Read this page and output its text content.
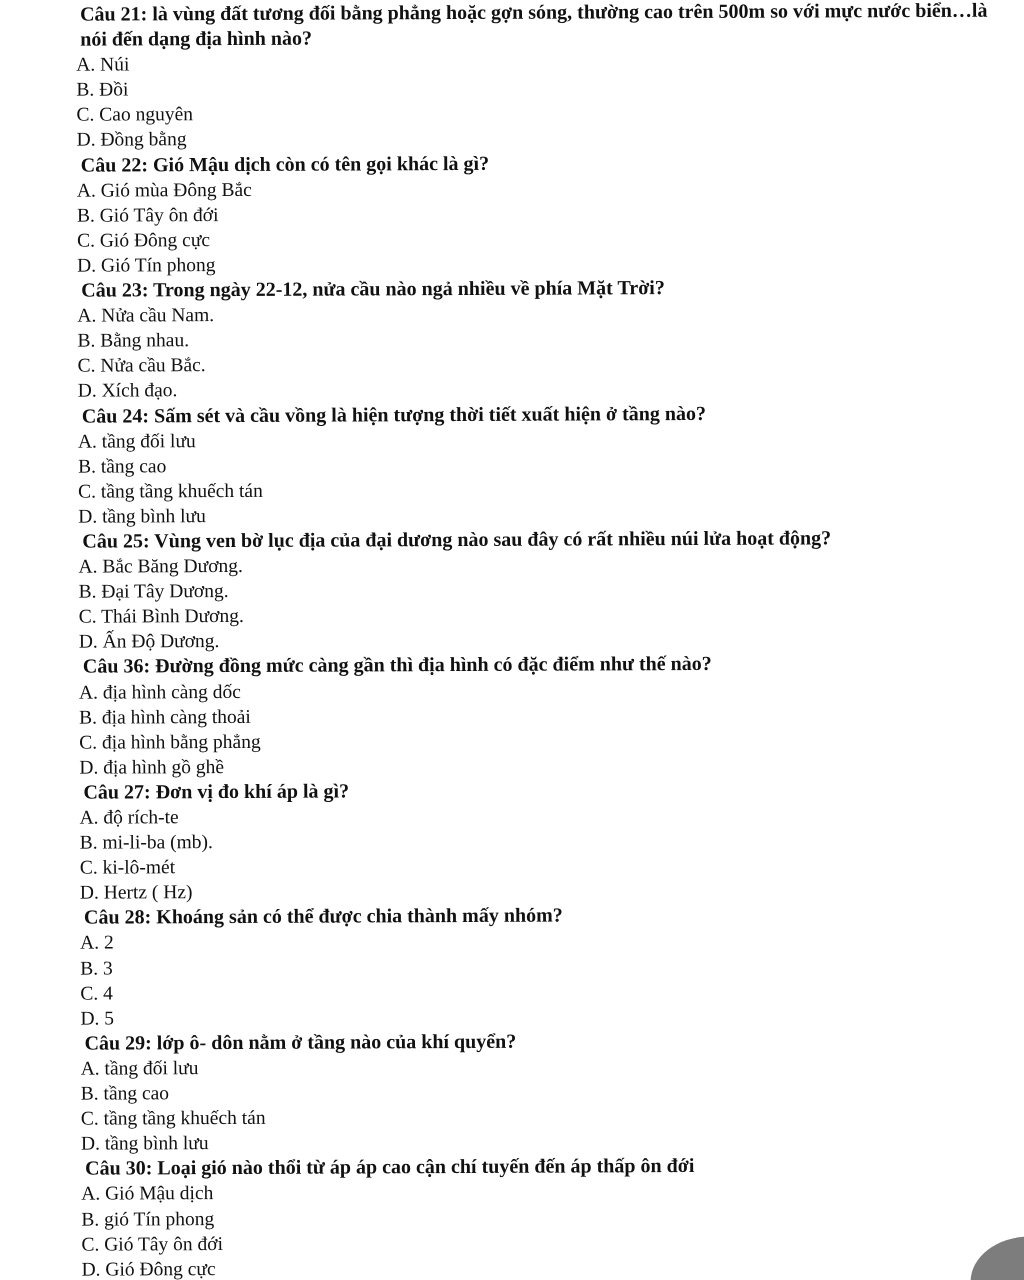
Câu 21: là vùng đất tương đối bằng phẳng hoặc gợn sóng, thường cao trên 500m so với mực nước biển…là nói đến dạng địa hình nào?
A. Núi
B. Đồi
C. Cao nguyên
D. Đồng bằng
Câu 22: Gió Mậu dịch còn có tên gọi khác là gì?
A. Gió mùa Đông Bắc
B. Gió Tây ôn đới
C. Gió Đông cực
D. Gió Tín phong
Câu 23: Trong ngày 22-12, nửa cầu nào ngả nhiều về phía Mặt Trời?
A. Nửa cầu Nam.
B. Bằng nhau.
C. Nửa cầu Bắc.
D. Xích đạo.
Câu 24: Sấm sét và cầu vồng là hiện tượng thời tiết xuất hiện ở tầng nào?
A. tầng đối lưu
B. tầng cao
C. tầng tầng khuếch tán
D. tầng bình lưu
Câu 25: Vùng ven bờ lục địa của đại dương nào sau đây có rất nhiều núi lửa hoạt động?
A. Bắc Băng Dương.
B. Đại Tây Dương.
C. Thái Bình Dương.
D. Ấn Độ Dương.
Câu 36: Đường đồng mức càng gần thì địa hình có đặc điểm như thế nào?
A. địa hình càng dốc
B. địa hình càng thoải
C. địa hình bằng phẳng
D. địa hình gồ ghề
Câu 27: Đơn vị đo khí áp là gì?
A. độ rích-te
B. mi-li-ba (mb).
C. ki-lô-mét
D. Hertz ( Hz)
Câu 28: Khoáng sản có thể được chia thành mấy nhóm?
A. 2
B. 3
C. 4
D. 5
Câu 29: lớp ô- dôn nằm ở tầng nào của khí quyển?
A. tầng đối lưu
B. tầng cao
C. tầng tầng khuếch tán
D. tầng bình lưu
Câu 30: Loại gió nào thổi từ áp áp cao cận chí tuyến đến áp thấp ôn đới
A. Gió Mậu dịch
B. gió Tín phong
C. Gió Tây ôn đới
D. Gió Đông cực
